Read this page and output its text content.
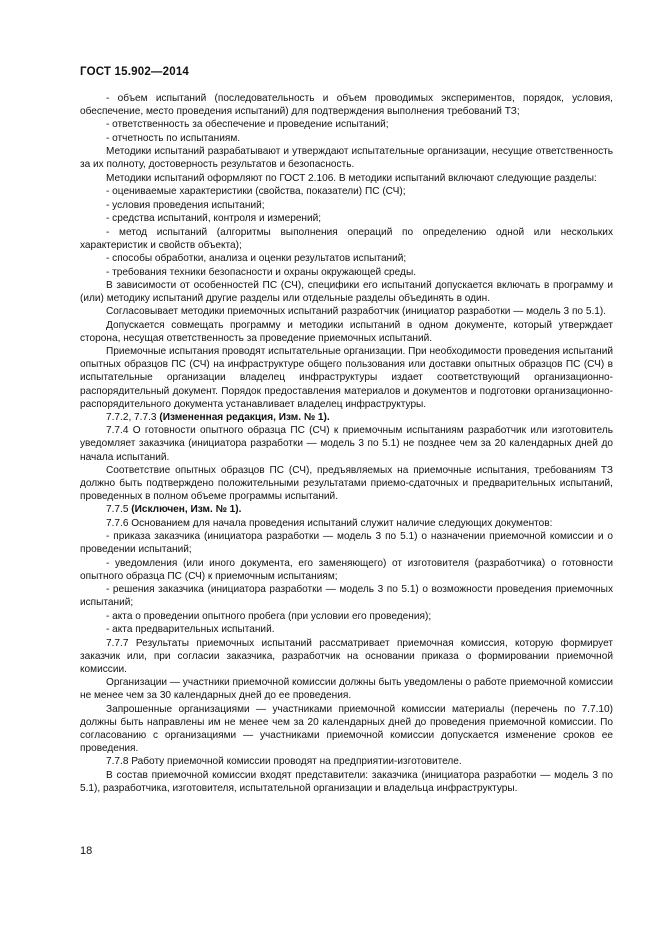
ГОСТ 15.902—2014

- объем испытаний (последовательность и объем проводимых экспериментов, порядок, условия, обеспечение, место проведения испытаний) для подтверждения выполнения требований ТЗ;

- ответственность за обеспечение и проведение испытаний;

- отчетность по испытаниям.

Методики испытаний разрабатывают и утверждают испытательные организации, несущие ответственность за их полноту, достоверность результатов и безопасность.

Методики испытаний оформляют по ГОСТ 2.106. В методики испытаний включают следующие разделы:

- оцениваемые характеристики (свойства, показатели) ПС (СЧ);

- условия проведения испытаний;

- средства испытаний, контроля и измерений;

- метод испытаний (алгоритмы выполнения операций по определению одной или нескольких характеристик и свойств объекта);

- способы обработки, анализа и оценки результатов испытаний;

- требования техники безопасности и охраны окружающей среды.

В зависимости от особенностей ПС (СЧ), специфики его испытаний допускается включать в программу и (или) методику испытаний другие разделы или отдельные разделы объединять в один.

Согласовывает методики приемочных испытаний разработчик (инициатор разработки — модель 3 по 5.1).

Допускается совмещать программу и методики испытаний в одном документе, который утверждает сторона, несущая ответственность за проведение приемочных испытаний.

Приемочные испытания проводят испытательные организации. При необходимости проведения испытаний опытных образцов ПС (СЧ) на инфраструктуре общего пользования или доставки опытных образцов ПС (СЧ) в испытательные организации владелец инфраструктуры издает соответствующий организационно-распорядительный документ. Порядок предоставления материалов и документов и подготовки организационно-распорядительного документа устанавливает владелец инфраструктуры.

7.7.2, 7.7.3 (Измененная редакция, Изм. № 1).

7.7.4 О готовности опытного образца ПС (СЧ) к приемочным испытаниям разработчик или изготовитель уведомляет заказчика (инициатора разработки — модель 3 по 5.1) не позднее чем за 20 календарных дней до начала испытаний.

Соответствие опытных образцов ПС (СЧ), предъявляемых на приемочные испытания, требованиям ТЗ должно быть подтверждено положительными результатами приемо-сдаточных и предварительных испытаний, проведенных в полном объеме программы испытаний.

7.7.5 (Исключен, Изм. № 1).

7.7.6 Основанием для начала проведения испытаний служит наличие следующих документов:

- приказа заказчика (инициатора разработки — модель 3 по 5.1) о назначении приемочной комиссии и о проведении испытаний;

- уведомления (или иного документа, его заменяющего) от изготовителя (разработчика) о готовности опытного образца ПС (СЧ) к приемочным испытаниям;

- решения заказчика (инициатора разработки — модель 3 по 5.1) о возможности проведения приемочных испытаний;

- акта о проведении опытного пробега (при условии его проведения);

- акта предварительных испытаний.

7.7.7 Результаты приемочных испытаний рассматривает приемочная комиссия, которую формирует заказчик или, при согласии заказчика, разработчик на основании приказа о формировании приемочной комиссии.

Организации — участники приемочной комиссии должны быть уведомлены о работе приемочной комиссии не менее чем за 30 календарных дней до ее проведения.

Запрошенные организациями — участниками приемочной комиссии материалы (перечень по 7.7.10) должны быть направлены им не менее чем за 20 календарных дней до проведения приемочной комиссии. По согласованию с организациями — участниками приемочной комиссии допускается изменение сроков ее проведения.

7.7.8 Работу приемочной комиссии проводят на предприятии-изготовителе.

В состав приемочной комиссии входят представители: заказчика (инициатора разработки — модель 3 по 5.1), разработчика, изготовителя, испытательной организации и владельца инфраструктуры.

18
